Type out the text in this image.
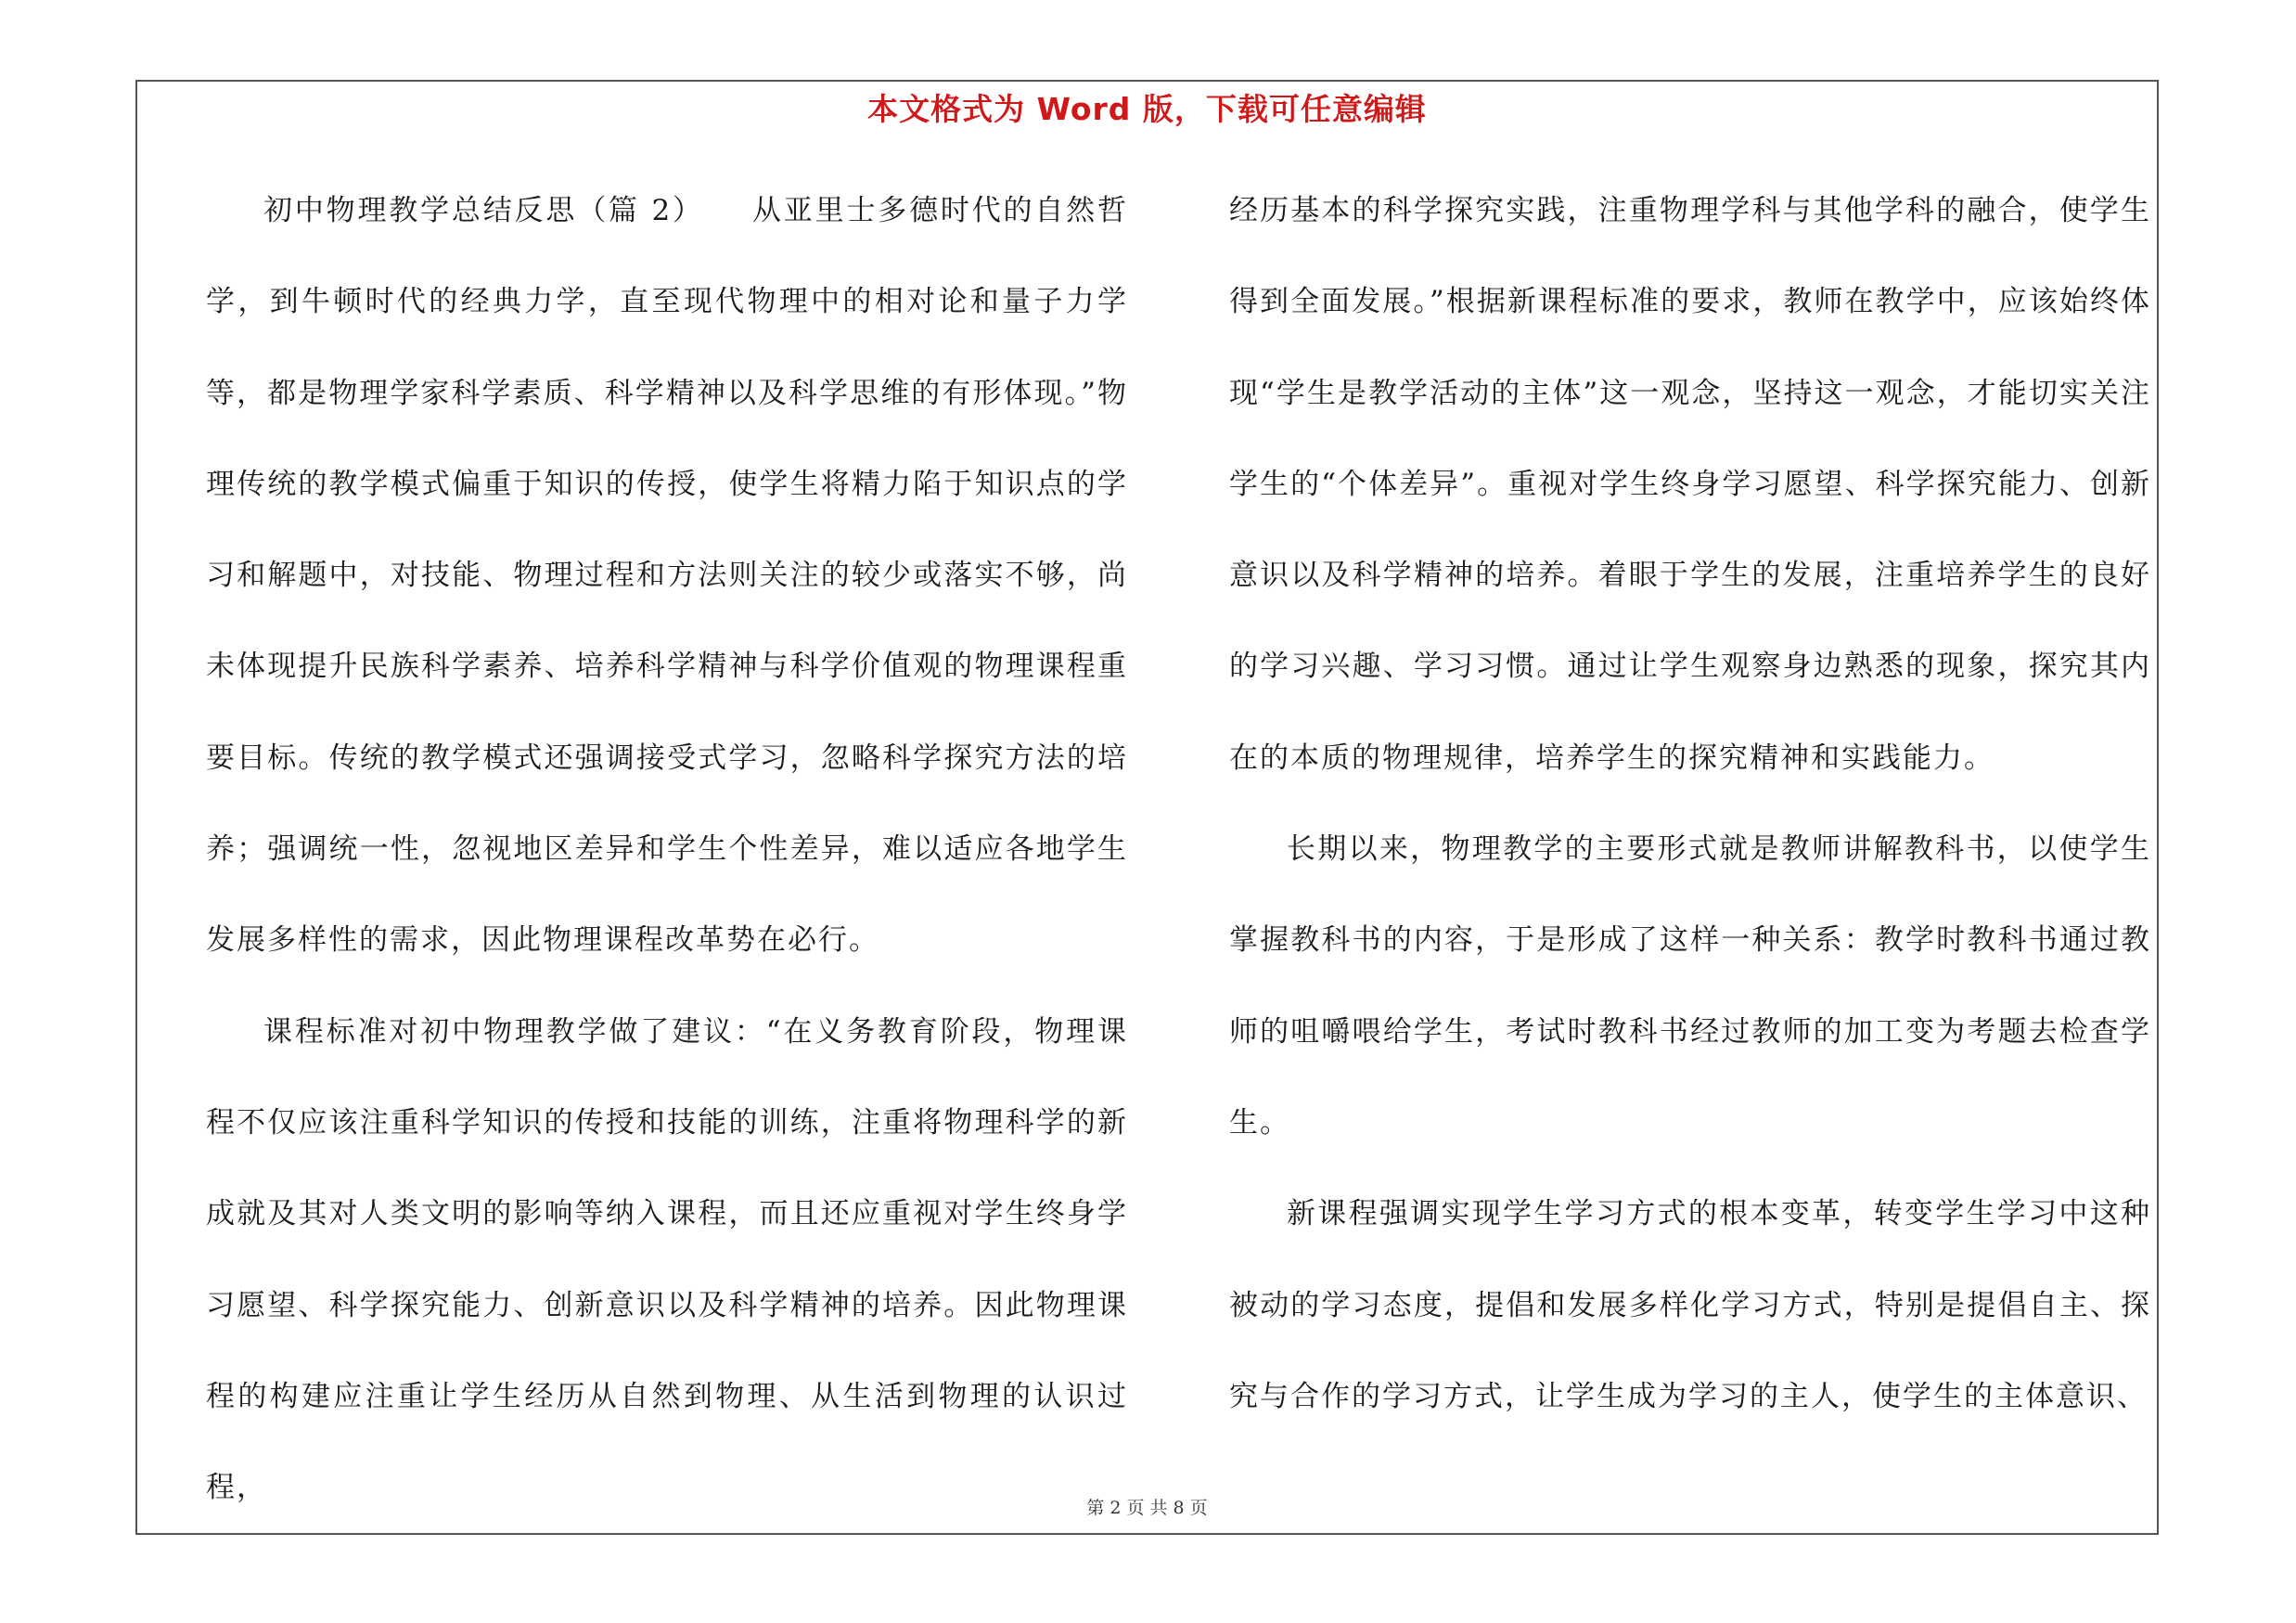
本文格式为 Word 版，下载可任意编辑

初中物理教学总结反思（篇 2）　　从亚里士多德时代的自然哲学，到牛顿时代的经典力学，直至现代物理中的相对论和量子力学等，都是物理学家科学素质、科学精神以及科学思维的有形体现。”物理传统的教学模式偏重于知识的传授，使学生将精力陷于知识点的学习和解题中，对技能、物理过程和方法则关注的较少或落实不够，尚未体现提升民族科学素养、培养科学精神与科学价值观的物理课程重要目标。传统的教学模式还强调接受式学习，忽略科学探究方法的培养；强调统一性，忽视地区差异和学生个性差异，难以适应各地学生发展多样性的需求，因此物理课程改革势在必行。

课程标准对初中物理教学做了建议：“在义务教育阶段，物理课程不仅应该注重科学知识的传授和技能的训练，注重将物理科学的新成就及其对人类文明的影响等纳入课程，而且还应重视对学生终身学习愿望、科学探究能力、创新意识以及科学精神的培养。因此物理课程的构建应注重让学生经历从自然到物理、从生活到物理的认识过程，

经历基本的科学探究实践，注重物理学科与其他学科的融合，使学生得到全面发展。”根据新课程标准的要求，教师在教学中，应该始终体现“学生是教学活动的主体”这一观念，坚持这一观念，才能切实关注学生的“个体差异”。重视对学生终身学习愿望、科学探究能力、创新意识以及科学精神的培养。着眼于学生的发展，注重培养学生的良好的学习兴趣、学习习惯。通过让学生观察身边熟悉的现象，探究其内在的本质的物理规律，培养学生的探究精神和实践能力。

长期以来，物理教学的主要形式就是教师讲解教科书，以使学生掌握教科书的内容，于是形成了这样一种关系：教学时教科书通过教师的咀嚼喂给学生，考试时教科书经过教师的加工变为考题去检查学生。

新课程强调实现学生学习方式的根本变革，转变学生学习中这种被动的学习态度，提倡和发展多样化学习方式，特别是提倡自主、探究与合作的学习方式，让学生成为学习的主人，使学生的主体意识、

第 2 页 共 8 页
